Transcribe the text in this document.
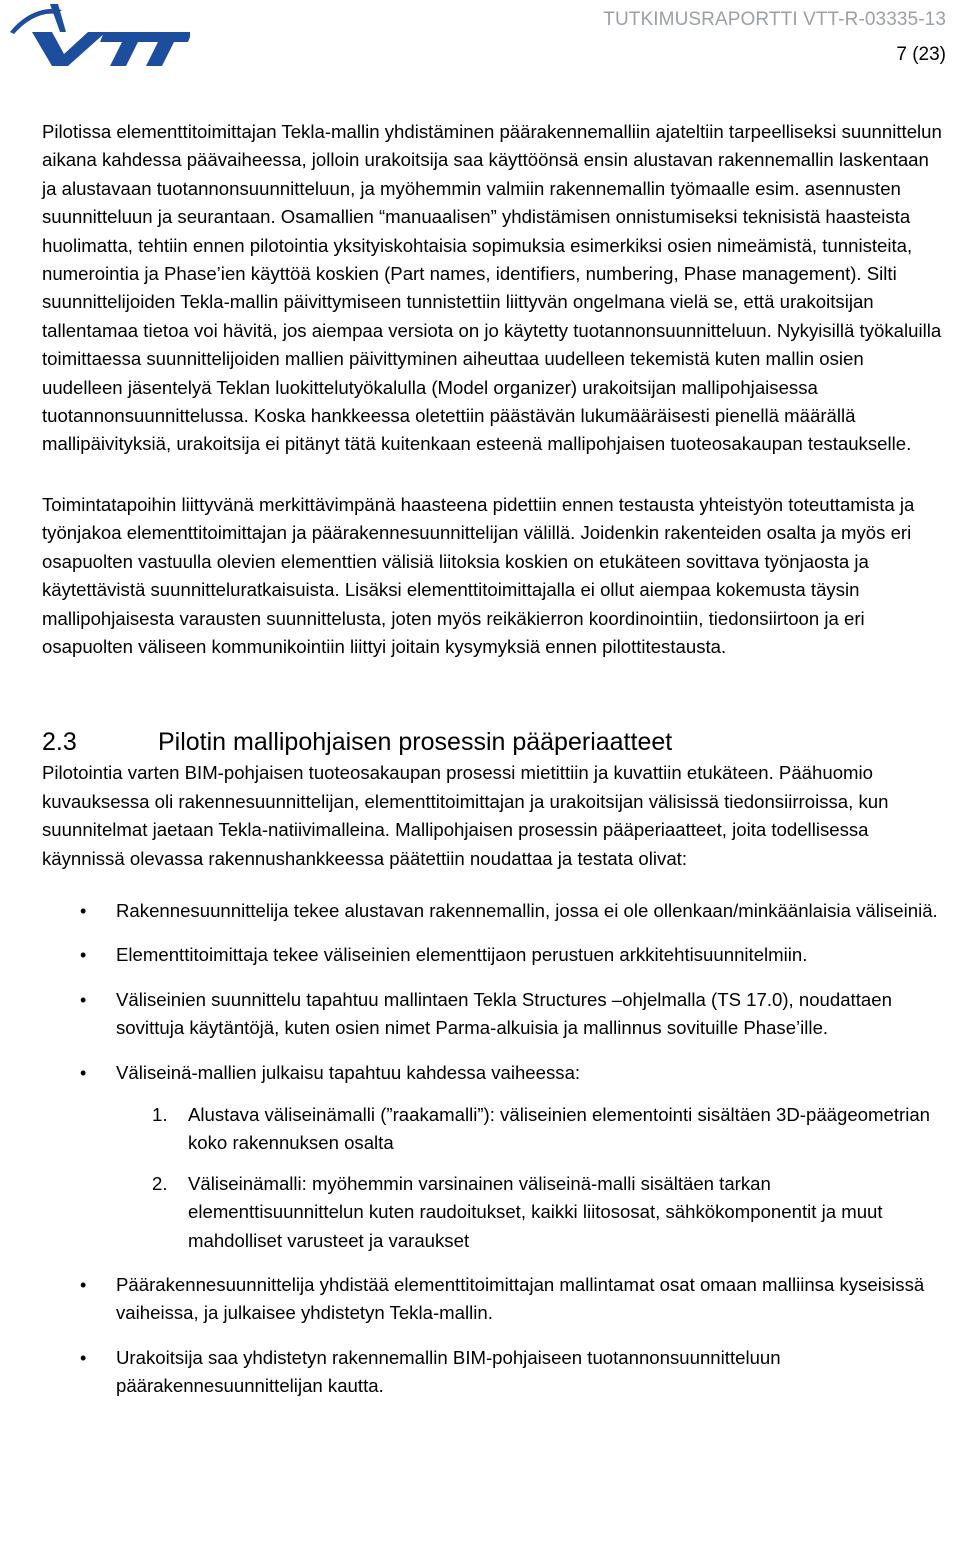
TUTKIMUSRAPORTTI VTT-R-03335-13
7 (23)

Pilotissa elementtitoimittajan Tekla-mallin yhdistäminen päärakennemalliin ajateltiin tarpeelliseksi suunnittelun aikana kahdessa päävaiheessa, jolloin urakoitsija saa käyttöönsä ensin alustavan rakennemallin laskentaan ja alustavaan tuotannonsuunnitteluun, ja myöhemmin valmiin rakennemallin työmaalle esim. asennusten suunnitteluun ja seurantaan. Osamallien “manuaalisen” yhdistämisen onnistumiseksi teknisistä haasteista huolimatta, tehtiin ennen pilotointia yksityiskohtaisia sopimuksia esimerkiksi osien nimeämistä, tunnisteita, numerointia ja Phase’ien käyttöä koskien (Part names, identifiers, numbering, Phase management). Silti suunnittelijoiden Tekla-mallin päivittymiseen tunnistettiin liittyvän ongelmana vielä se, että urakoitsijan tallentamaa tietoa voi hävitä, jos aiempaa versiota on jo käytetty tuotannonsuunnitteluun. Nykyisillä työkaluilla toimittaessa suunnittelijoiden mallien päivittyminen aiheuttaa uudelleen tekemistä kuten mallin osien uudelleen jäsentelyä Teklan luokittelutyökalulla (Model organizer) urakoitsijan mallipohjaisessa tuotannonsuunnittelussa. Koska hankkeessa oletettiin päästävän lukumääräisesti pienellä määrällä mallipäivityksiä, urakoitsija ei pitänyt tätä kuitenkaan esteenä mallipohjaisen tuoteosakaupan testaukselle.

Toimintatapoihin liittyvänä merkittävimpänä haasteena pidettiin ennen testausta yhteistyön toteuttamista ja työnjakoa elementtitoimittajan ja päärakennesuunnittelijan välillä. Joidenkin rakenteiden osalta ja myös eri osapuolten vastuulla olevien elementtien välisiä liitoksia koskien on etukäteen sovittava työnjaosta ja käytettävistä suunnitteluratkaisuista. Lisäksi elementtitoimittajalla ei ollut aiempaa kokemusta täysin mallipohjaisesta varausten suunnittelusta, joten myös reikäkierron koordinointiin, tiedonsiirtoon ja eri osapuolten väliseen kommunikointiin liittyi joitain kysymyksiä ennen pilottitestausta.

2.3	Pilotin mallipohjaisen prosessin pääperiaatteet

Pilotointia varten BIM-pohjaisen tuoteosakaupan prosessi mietittiin ja kuvattiin etukäteen. Päähuomio kuvauksessa oli rakennesuunnittelijan, elementtitoimittajan ja urakoitsijan välisissä tiedonsiirroissa, kun suunnitelmat jaetaan Tekla-natiivimalleina. Mallipohjaisen prosessin pääperiaatteet, joita todellisessa käynnissä olevassa rakennushankkeessa päätettiin noudattaa ja testata olivat:

• Rakennesuunnittelija tekee alustavan rakennemallin, jossa ei ole ollenkaan/minkäänlaisia väliseiniä.
• Elementtitoimittaja tekee väliseinien elementtijaon perustuen arkkitehtisuunnitelmiin.
• Väliseinien suunnittelu tapahtuu mallintaen Tekla Structures –ohjelmalla (TS 17.0), noudattaen sovittuja käytäntöjä, kuten osien nimet Parma-alkuisia ja mallinnus sovituille Phase’ille.
• Väliseinä-mallien julkaisu tapahtuu kahdessa vaiheessa:
1. Alustava väliseinämalli (”raakamalli”): väliseinien elementointi sisältäen 3D-päägeometrian koko rakennuksen osalta
2. Väliseinämalli: myöhemmin varsinainen väliseinä-malli sisältäen tarkan elementtisuunnittelun kuten raudoitukset, kaikki liitososat, sähkökomponentit ja muut mahdolliset varusteet ja varaukset
• Päärakennesuunnittelija yhdistää elementtitoimittajan mallintamat osat omaan malliinsa kyseisissä vaiheissa, ja julkaisee yhdistetyn Tekla-mallin.
• Urakoitsija saa yhdistetyn rakennemallin BIM-pohjaiseen tuotannonsuunnitteluun päärakennesuunnittelijan kautta.
